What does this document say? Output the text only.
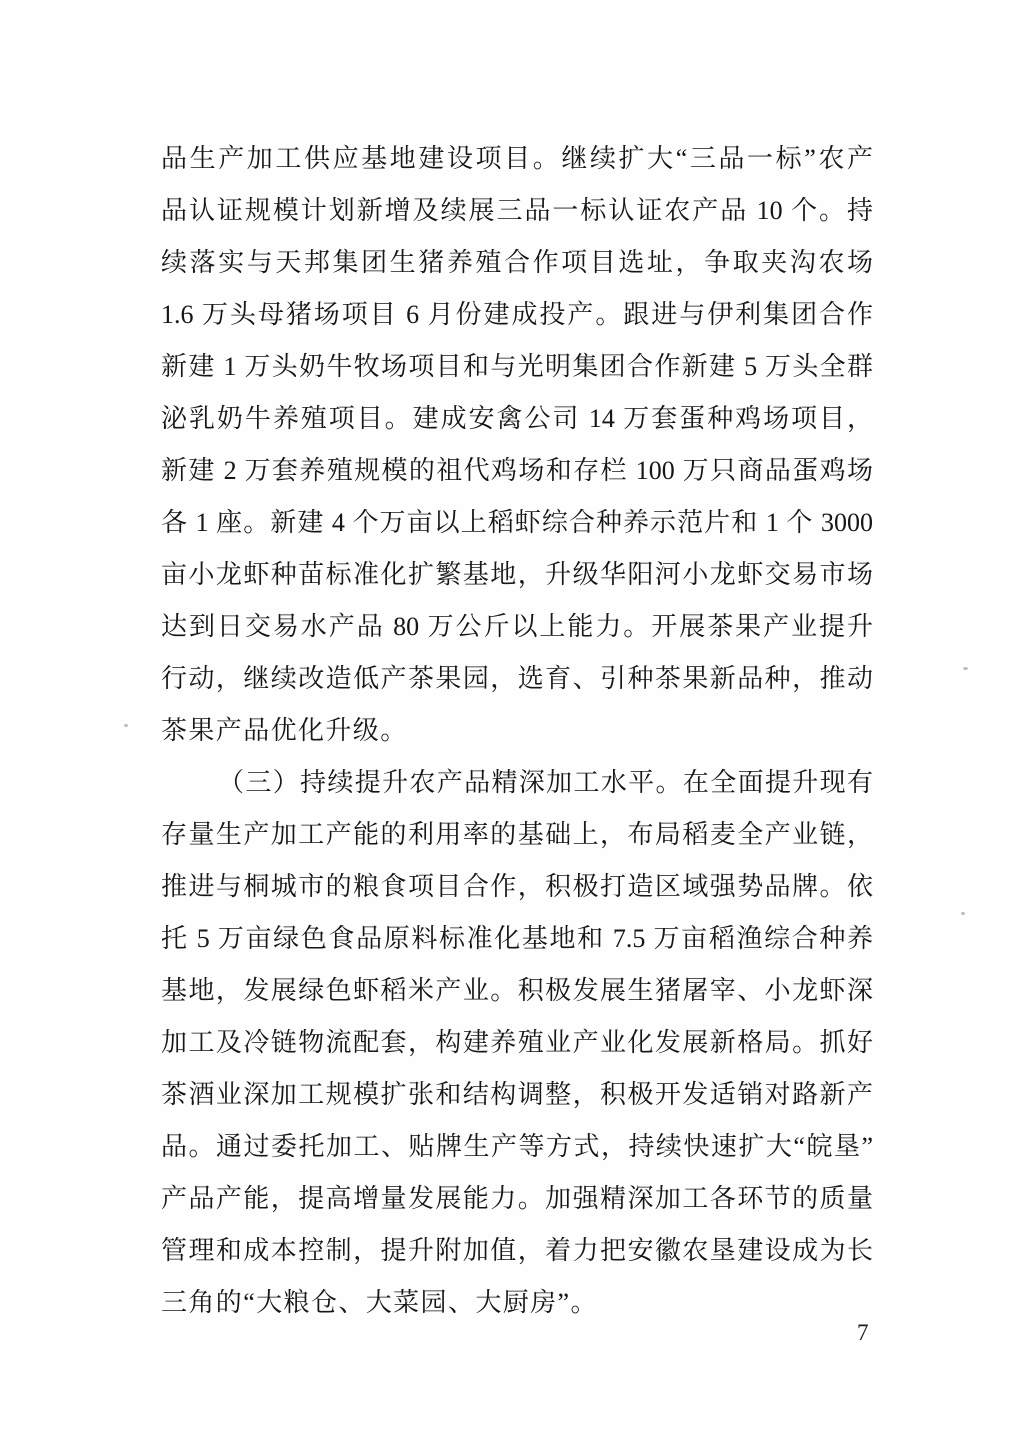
品生产加工供应基地建设项目。继续扩大“三品一标”农产
品认证规模计划新增及续展三品一标认证农产品 10 个。持
续落实与天邦集团生猪养殖合作项目选址，争取夹沟农场
1.6 万头母猪场项目 6 月份建成投产。跟进与伊利集团合作
新建 1 万头奶牛牧场项目和与光明集团合作新建 5 万头全群
泌乳奶牛养殖项目。建成安禽公司 14 万套蛋种鸡场项目，
新建 2 万套养殖规模的祖代鸡场和存栏 100 万只商品蛋鸡场
各 1 座。新建 4 个万亩以上稻虾综合种养示范片和 1 个 3000
亩小龙虾种苗标准化扩繁基地，升级华阳河小龙虾交易市场
达到日交易水产品 80 万公斤以上能力。开展茶果产业提升
行动，继续改造低产茶果园，选育、引种茶果新品种，推动
茶果产品优化升级。
（三）持续提升农产品精深加工水平。在全面提升现有
存量生产加工产能的利用率的基础上，布局稻麦全产业链，
推进与桐城市的粮食项目合作，积极打造区域强势品牌。依
托 5 万亩绿色食品原料标准化基地和 7.5 万亩稻渔综合种养
基地，发展绿色虾稻米产业。积极发展生猪屠宰、小龙虾深
加工及冷链物流配套，构建养殖业产业化发展新格局。抓好
茶酒业深加工规模扩张和结构调整，积极开发适销对路新产
品。通过委托加工、贴牌生产等方式，持续快速扩大“皖垦”
产品产能，提高增量发展能力。加强精深加工各环节的质量
管理和成本控制，提升附加值，着力把安徽农垦建设成为长
三角的“大粮仓、大菜园、大厨房”。
7
